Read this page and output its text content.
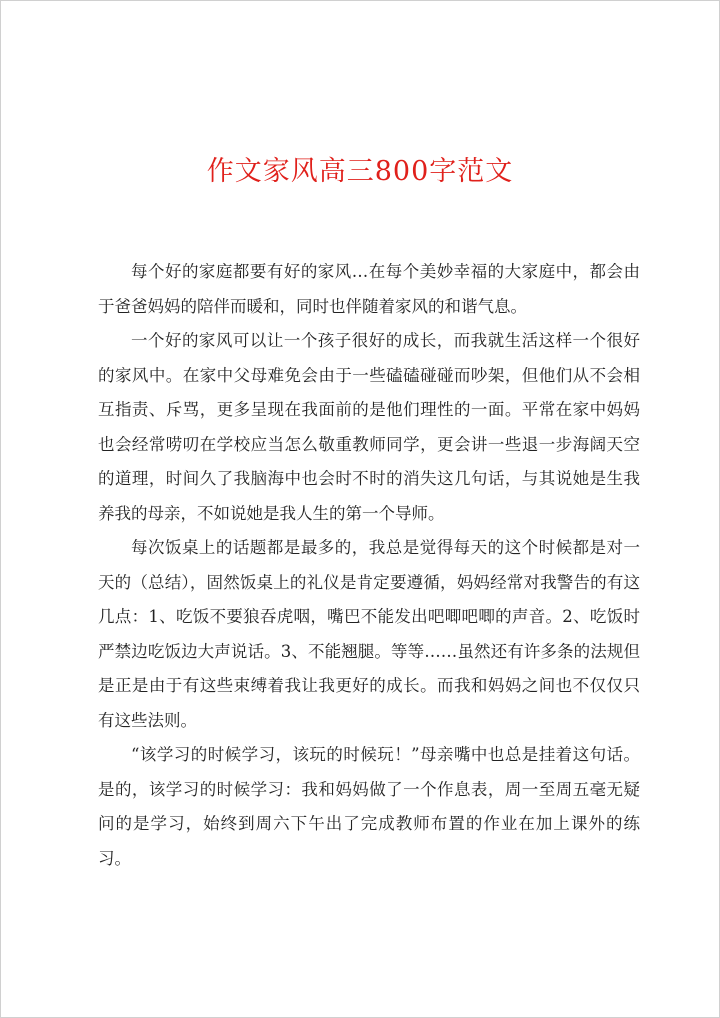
作文家风高三800字范文

每个好的家庭都要有好的家风…在每个美妙幸福的大家庭中，都会由于爸爸妈妈的陪伴而暖和，同时也伴随着家风的和谐气息。

一个好的家风可以让一个孩子很好的成长，而我就生活这样一个很好的家风中。在家中父母难免会由于一些磕磕碰碰而吵架，但他们从不会相互指责、斥骂，更多呈现在我面前的是他们理性的一面。平常在家中妈妈也会经常唠叨在学校应当怎么敬重教师同学，更会讲一些退一步海阔天空的道理，时间久了我脑海中也会时不时的消失这几句话，与其说她是生我养我的母亲，不如说她是我人生的第一个导师。

每次饭桌上的话题都是最多的，我总是觉得每天的这个时候都是对一天的（总结），固然饭桌上的礼仪是肯定要遵循，妈妈经常对我警告的有这几点：1、吃饭不要狼吞虎咽，嘴巴不能发出吧唧吧唧的声音。2、吃饭时严禁边吃饭边大声说话。3、不能翘腿。等等……虽然还有许多条的法规但是正是由于有这些束缚着我让我更好的成长。而我和妈妈之间也不仅仅只有这些法则。

“该学习的时候学习，该玩的时候玩！”母亲嘴中也总是挂着这句话。是的，该学习的时候学习：我和妈妈做了一个作息表，周一至周五毫无疑问的是学习，始终到周六下午出了完成教师布置的作业在加上课外的练习。
